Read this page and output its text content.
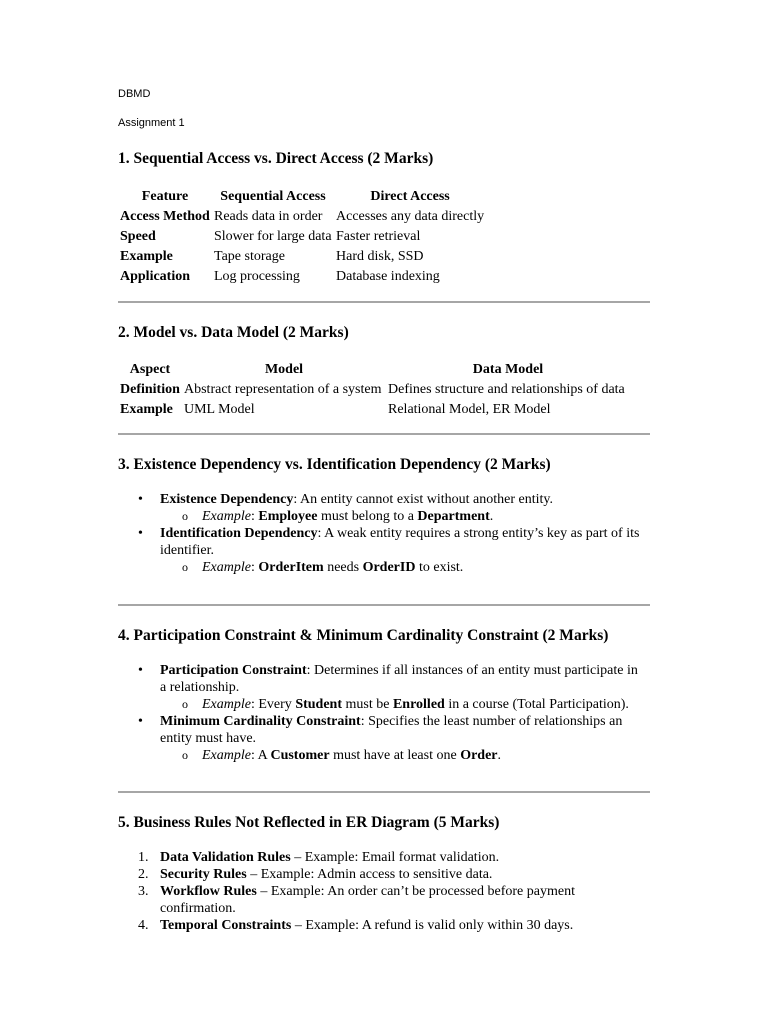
DBMD
Assignment 1
1. Sequential Access vs. Direct Access (2 Marks)
Feature	Sequential Access	Direct Access
Access Method	Reads data in order	Accesses any data directly
Speed	Slower for large data	Faster retrieval
Example	Tape storage	Hard disk, SSD
Application	Log processing	Database indexing
2. Model vs. Data Model (2 Marks)
Aspect	Model	Data Model
Definition	Abstract representation of a system	Defines structure and relationships of data
Example	UML Model	Relational Model, ER Model
3. Existence Dependency vs. Identification Dependency (2 Marks)
• Existence Dependency: An entity cannot exist without another entity.
o Example: Employee must belong to a Department.
• Identification Dependency: A weak entity requires a strong entity’s key as part of its
identifier.
o Example: OrderItem needs OrderID to exist.
4. Participation Constraint & Minimum Cardinality Constraint (2 Marks)
• Participation Constraint: Determines if all instances of an entity must participate in
a relationship.
o Example: Every Student must be Enrolled in a course (Total Participation).
• Minimum Cardinality Constraint: Specifies the least number of relationships an
entity must have.
o Example: A Customer must have at least one Order.
5. Business Rules Not Reflected in ER Diagram (5 Marks)
1. Data Validation Rules – Example: Email format validation.
2. Security Rules – Example: Admin access to sensitive data.
3. Workflow Rules – Example: An order can’t be processed before payment
confirmation.
4. Temporal Constraints – Example: A refund is valid only within 30 days.
